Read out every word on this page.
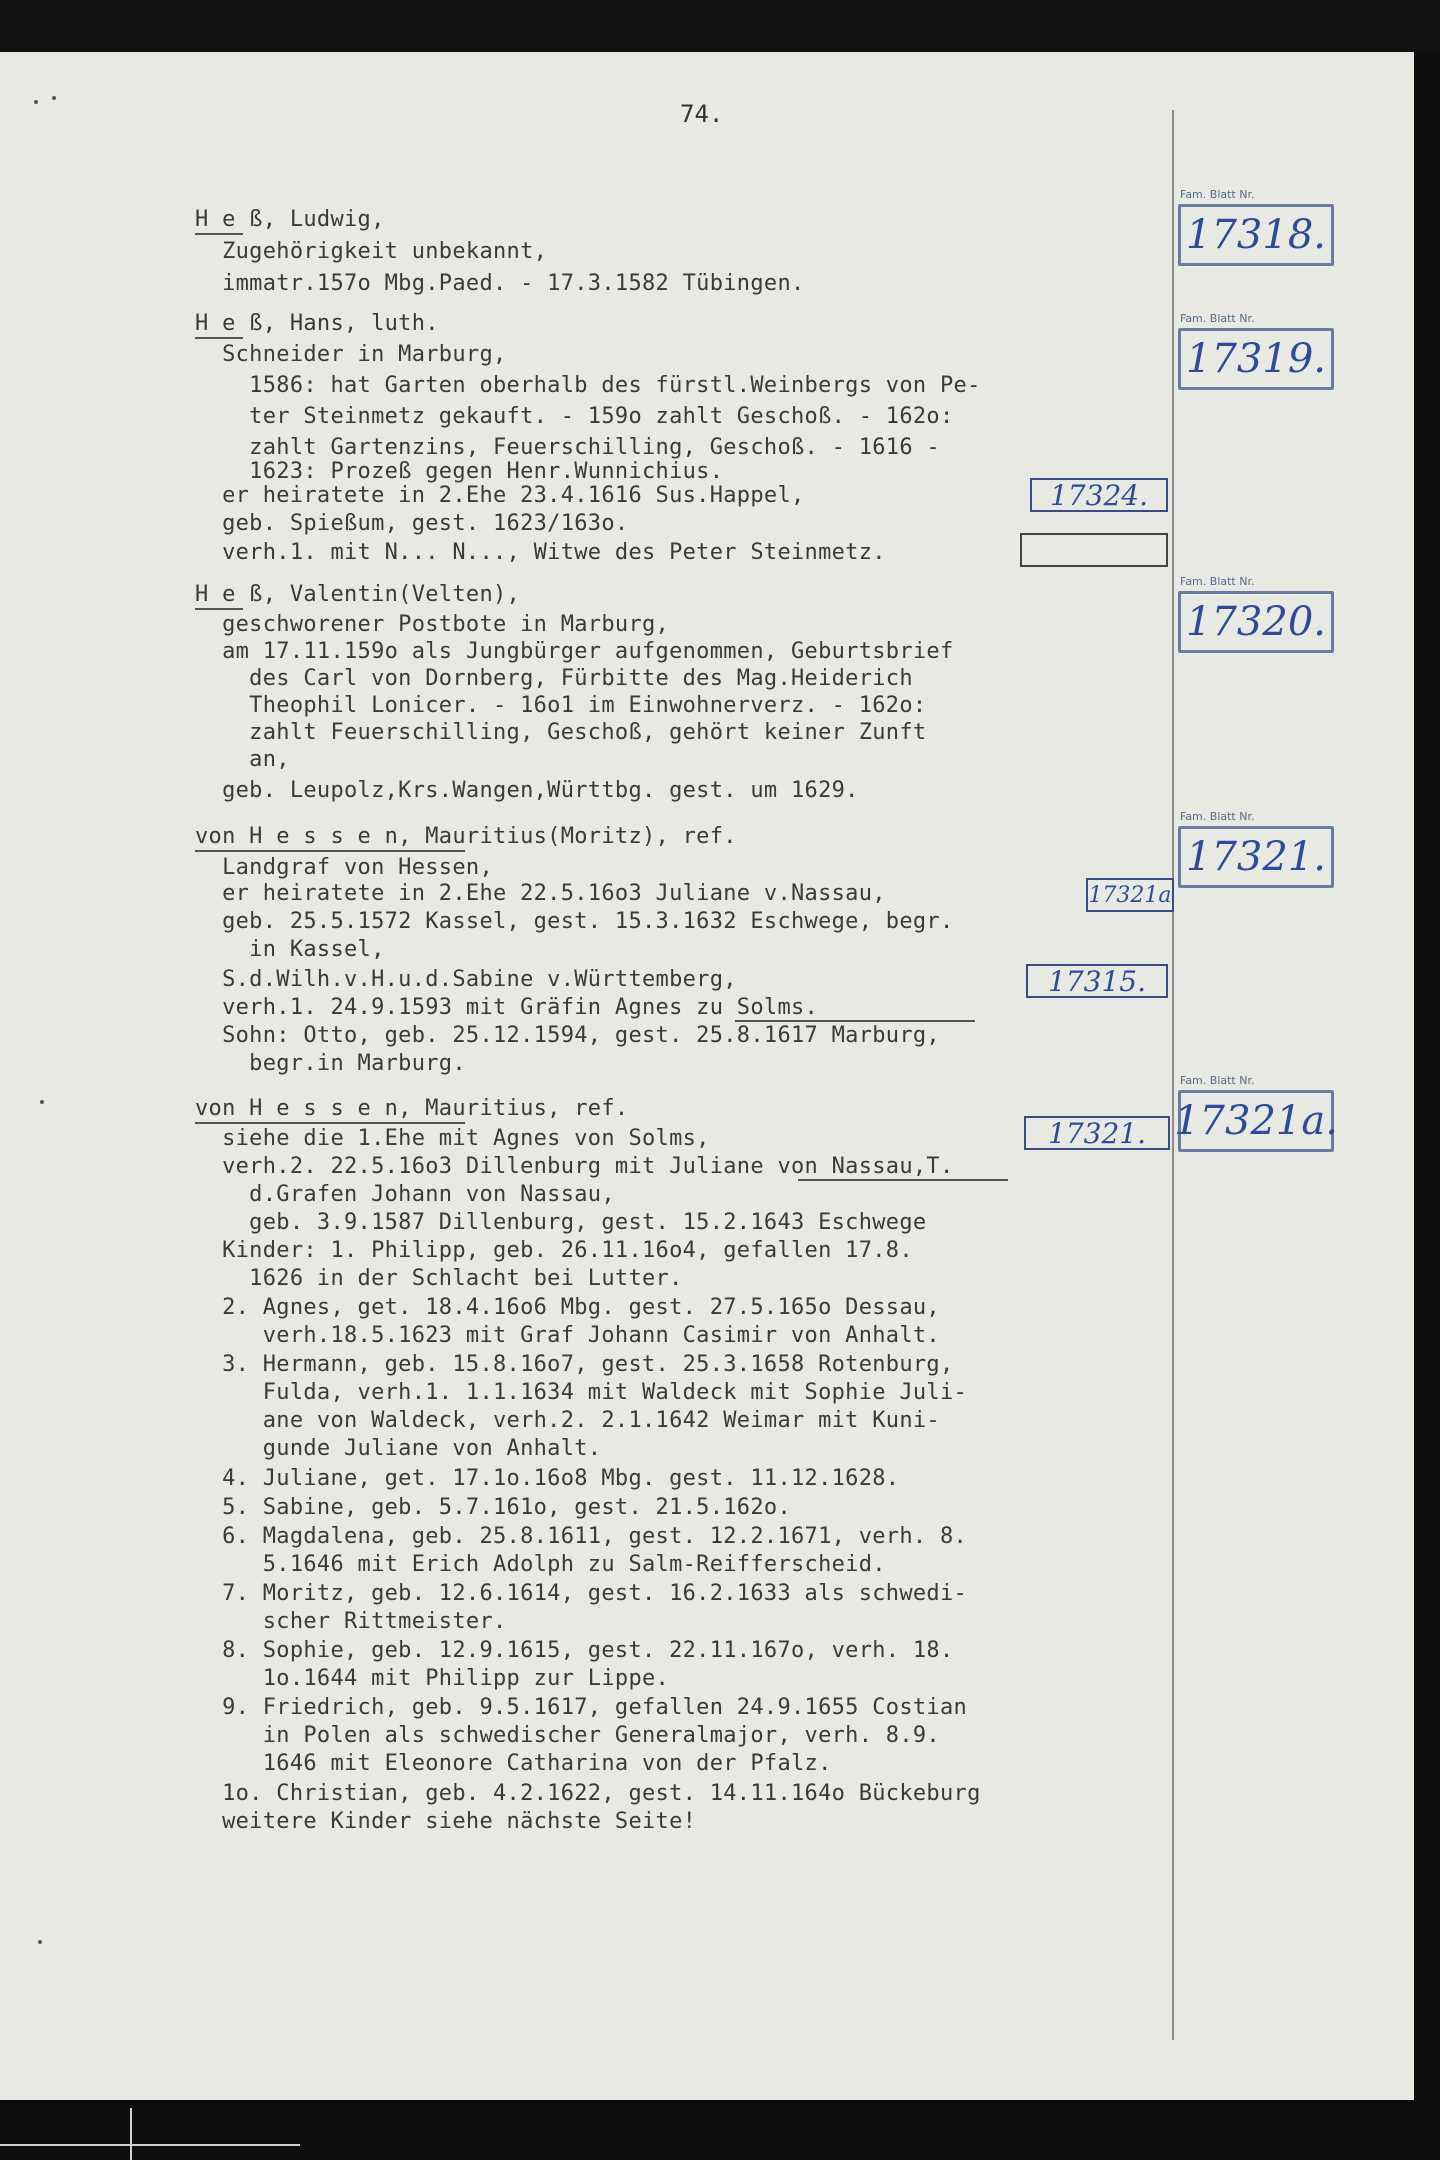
74.
Fam. Blatt Nr.
17318.
Fam. Blatt Nr.
17319.
Fam. Blatt Nr.
17320.
Fam. Blatt Nr.
17321.
Fam. Blatt Nr.
17321a.
17324.
17321a
17315.
17321.

H e ß, Ludwig,

Zugehörigkeit unbekannt,

immatr.157o Mbg.Paed. - 17.3.1582 Tübingen.

H e ß, Hans, luth.

Schneider in Marburg,

1586: hat Garten oberhalb des fürstl.Weinbergs von Pe-

ter Steinmetz gekauft. - 159o zahlt Geschoß. - 162o:

zahlt Gartenzins, Feuerschilling, Geschoß. - 1616 -

1623: Prozeß gegen Henr.Wunnichius.

er heiratete in 2.Ehe 23.4.1616 Sus.Happel,

geb. Spießum, gest. 1623/163o.

verh.1. mit N... N..., Witwe des Peter Steinmetz.

H e ß, Valentin(Velten),

geschworener Postbote in Marburg,

am 17.11.159o als Jungbürger aufgenommen, Geburtsbrief

des Carl von Dornberg, Fürbitte des Mag.Heiderich

Theophil Lonicer. - 16o1 im Einwohnerverz. - 162o:

zahlt Feuerschilling, Geschoß, gehört keiner Zunft

an,

geb. Leupolz,Krs.Wangen,Württbg. gest. um 1629.

von H e s s e n, Mauritius(Moritz), ref.

Landgraf von Hessen,

er heiratete in 2.Ehe 22.5.16o3 Juliane v.Nassau,

geb. 25.5.1572 Kassel, gest. 15.3.1632 Eschwege, begr.

in Kassel,

S.d.Wilh.v.H.u.d.Sabine v.Württemberg,

verh.1. 24.9.1593 mit Gräfin Agnes zu Solms.

Sohn: Otto, geb. 25.12.1594, gest. 25.8.1617 Marburg,

begr.in Marburg.

von H e s s e n, Mauritius, ref.

siehe die 1.Ehe mit Agnes von Solms,

verh.2. 22.5.16o3 Dillenburg mit Juliane von Nassau,T.

d.Grafen Johann von Nassau,

geb. 3.9.1587 Dillenburg, gest. 15.2.1643 Eschwege

Kinder: 1. Philipp, geb. 26.11.16o4, gefallen 17.8.

1626 in der Schlacht bei Lutter.

2. Agnes, get. 18.4.16o6 Mbg. gest. 27.5.165o Dessau,

verh.18.5.1623 mit Graf Johann Casimir von Anhalt.

3. Hermann, geb. 15.8.16o7, gest. 25.3.1658 Rotenburg,

Fulda, verh.1. 1.1.1634 mit Waldeck mit Sophie Juli-

ane von Waldeck, verh.2. 2.1.1642 Weimar mit Kuni-

gunde Juliane von Anhalt.

4. Juliane, get. 17.1o.16o8 Mbg. gest. 11.12.1628.

5. Sabine, geb. 5.7.161o, gest. 21.5.162o.

6. Magdalena, geb. 25.8.1611, gest. 12.2.1671, verh. 8.

5.1646 mit Erich Adolph zu Salm-Reifferscheid.

7. Moritz, geb. 12.6.1614, gest. 16.2.1633 als schwedi-

scher Rittmeister.

8. Sophie, geb. 12.9.1615, gest. 22.11.167o, verh. 18.

1o.1644 mit Philipp zur Lippe.

9. Friedrich, geb. 9.5.1617, gefallen 24.9.1655 Costian

in Polen als schwedischer Generalmajor, verh. 8.9.

1646 mit Eleonore Catharina von der Pfalz.

1o. Christian, geb. 4.2.1622, gest. 14.11.164o Bückeburg

weitere Kinder siehe nächste Seite!
